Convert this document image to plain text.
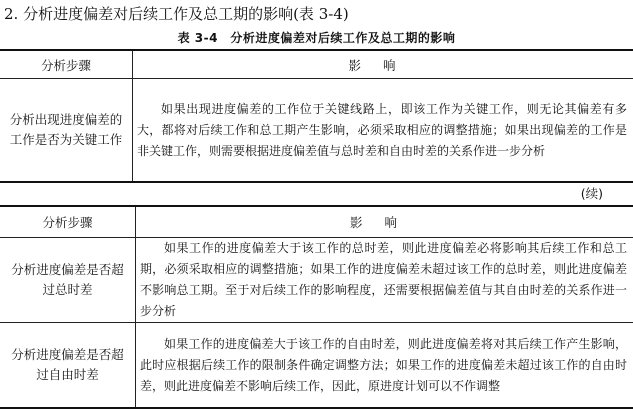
2. 分析进度偏差对后续工作及总工期的影响(表 3-4)
表 3-4　分析进度偏差对后续工作及总工期的影响
分析步骤	影响
分析出现进度偏差的工作是否为关键工作	如果出现进度偏差的工作位于关键线路上，即该工作为关键工作，则无论其偏差有多大，都将对后续工作和总工期产生影响，必须采取相应的调整措施；如果出现偏差的工作是非关键工作，则需要根据进度偏差值与总时差和自由时差的关系作进一步分析
(续)
分析步骤	影响
分析进度偏差是否超过总时差	如果工作的进度偏差大于该工作的总时差，则此进度偏差必将影响其后续工作和总工期，必须采取相应的调整措施；如果工作的进度偏差未超过该工作的总时差，则此进度偏差不影响总工期。至于对后续工作的影响程度，还需要根据偏差值与其自由时差的关系作进一步分析
分析进度偏差是否超过自由时差	如果工作的进度偏差大于该工作的自由时差，则此进度偏差将对其后续工作产生影响，此时应根据后续工作的限制条件确定调整方法；如果工作的进度偏差未超过该工作的自由时差，则此进度偏差不影响后续工作，因此，原进度计划可以不作调整
